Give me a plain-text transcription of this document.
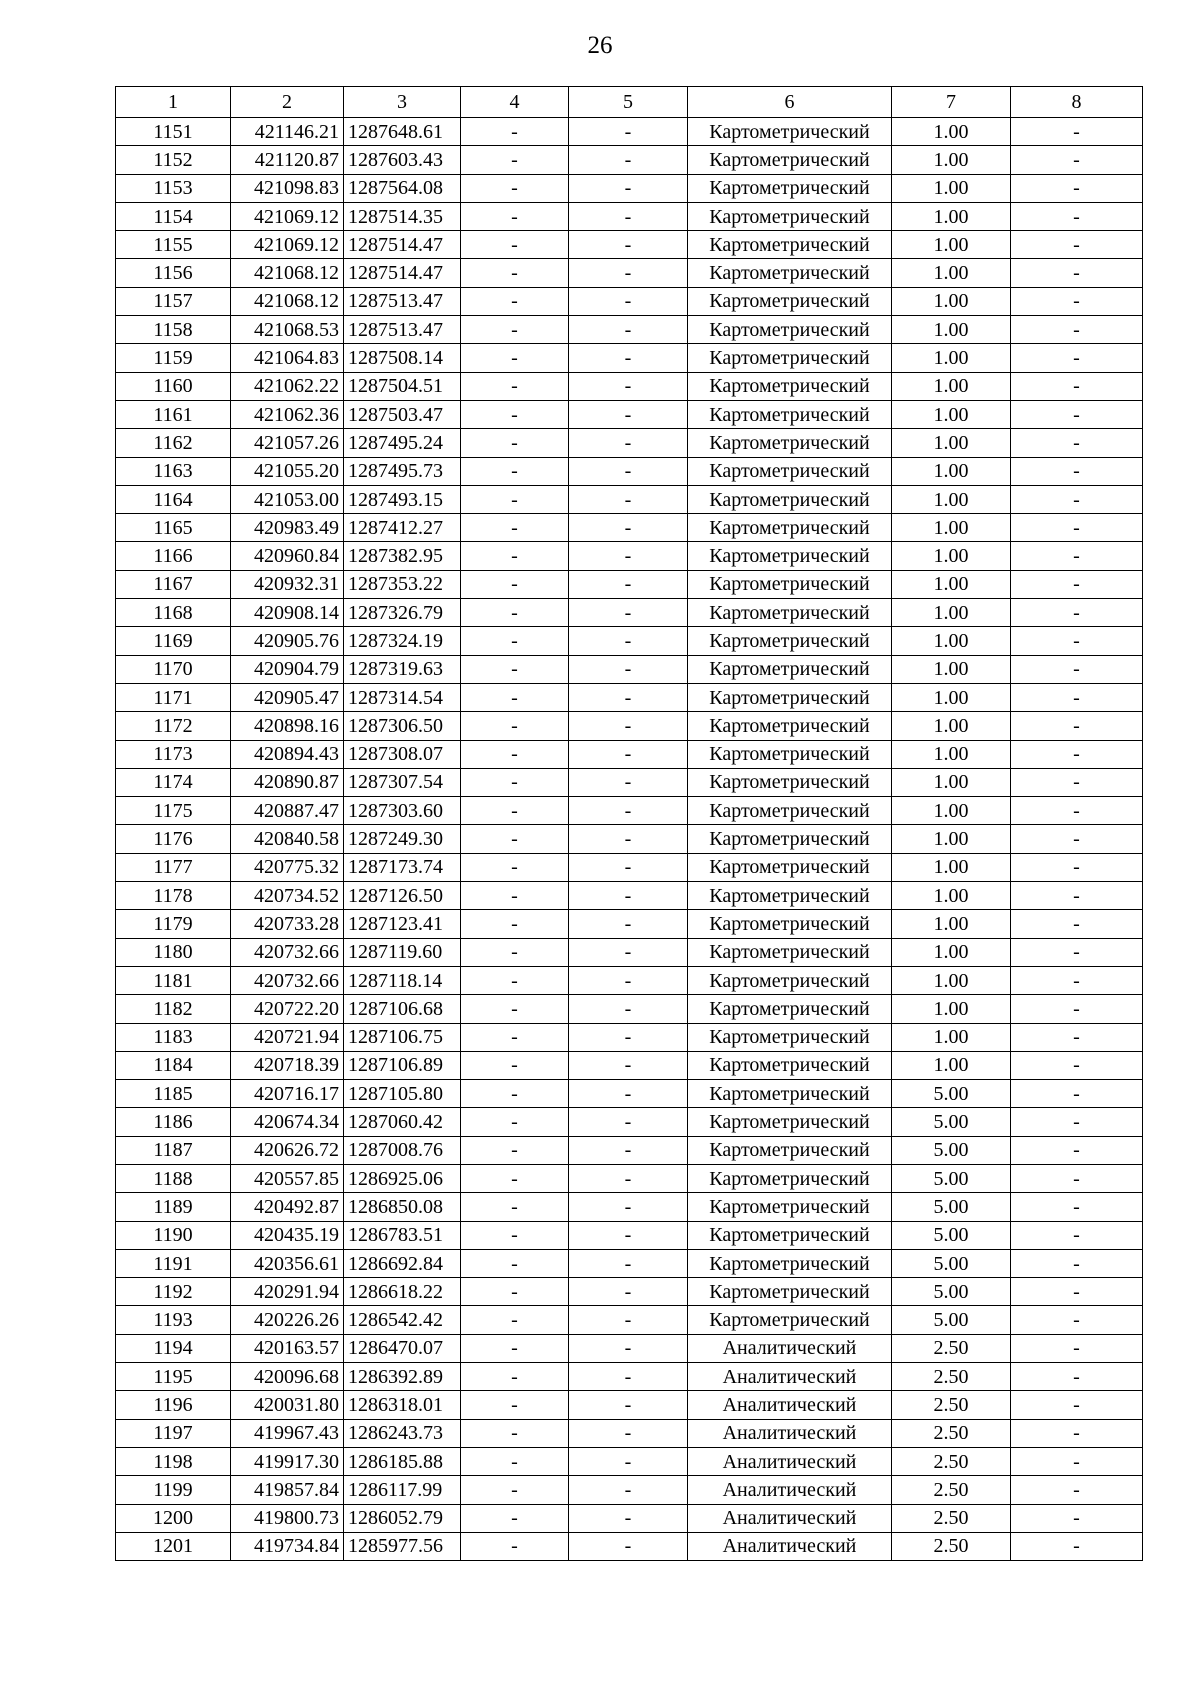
26
1	2	3	4	5	6	7	8
1151	421146.21	1287648.61	-	-	Картометрический	1.00	-
1152	421120.87	1287603.43	-	-	Картометрический	1.00	-
1153	421098.83	1287564.08	-	-	Картометрический	1.00	-
1154	421069.12	1287514.35	-	-	Картометрический	1.00	-
1155	421069.12	1287514.47	-	-	Картометрический	1.00	-
1156	421068.12	1287514.47	-	-	Картометрический	1.00	-
1157	421068.12	1287513.47	-	-	Картометрический	1.00	-
1158	421068.53	1287513.47	-	-	Картометрический	1.00	-
1159	421064.83	1287508.14	-	-	Картометрический	1.00	-
1160	421062.22	1287504.51	-	-	Картометрический	1.00	-
1161	421062.36	1287503.47	-	-	Картометрический	1.00	-
1162	421057.26	1287495.24	-	-	Картометрический	1.00	-
1163	421055.20	1287495.73	-	-	Картометрический	1.00	-
1164	421053.00	1287493.15	-	-	Картометрический	1.00	-
1165	420983.49	1287412.27	-	-	Картометрический	1.00	-
1166	420960.84	1287382.95	-	-	Картометрический	1.00	-
1167	420932.31	1287353.22	-	-	Картометрический	1.00	-
1168	420908.14	1287326.79	-	-	Картометрический	1.00	-
1169	420905.76	1287324.19	-	-	Картометрический	1.00	-
1170	420904.79	1287319.63	-	-	Картометрический	1.00	-
1171	420905.47	1287314.54	-	-	Картометрический	1.00	-
1172	420898.16	1287306.50	-	-	Картометрический	1.00	-
1173	420894.43	1287308.07	-	-	Картометрический	1.00	-
1174	420890.87	1287307.54	-	-	Картометрический	1.00	-
1175	420887.47	1287303.60	-	-	Картометрический	1.00	-
1176	420840.58	1287249.30	-	-	Картометрический	1.00	-
1177	420775.32	1287173.74	-	-	Картометрический	1.00	-
1178	420734.52	1287126.50	-	-	Картометрический	1.00	-
1179	420733.28	1287123.41	-	-	Картометрический	1.00	-
1180	420732.66	1287119.60	-	-	Картометрический	1.00	-
1181	420732.66	1287118.14	-	-	Картометрический	1.00	-
1182	420722.20	1287106.68	-	-	Картометрический	1.00	-
1183	420721.94	1287106.75	-	-	Картометрический	1.00	-
1184	420718.39	1287106.89	-	-	Картометрический	1.00	-
1185	420716.17	1287105.80	-	-	Картометрический	5.00	-
1186	420674.34	1287060.42	-	-	Картометрический	5.00	-
1187	420626.72	1287008.76	-	-	Картометрический	5.00	-
1188	420557.85	1286925.06	-	-	Картометрический	5.00	-
1189	420492.87	1286850.08	-	-	Картометрический	5.00	-
1190	420435.19	1286783.51	-	-	Картометрический	5.00	-
1191	420356.61	1286692.84	-	-	Картометрический	5.00	-
1192	420291.94	1286618.22	-	-	Картометрический	5.00	-
1193	420226.26	1286542.42	-	-	Картометрический	5.00	-
1194	420163.57	1286470.07	-	-	Аналитический	2.50	-
1195	420096.68	1286392.89	-	-	Аналитический	2.50	-
1196	420031.80	1286318.01	-	-	Аналитический	2.50	-
1197	419967.43	1286243.73	-	-	Аналитический	2.50	-
1198	419917.30	1286185.88	-	-	Аналитический	2.50	-
1199	419857.84	1286117.99	-	-	Аналитический	2.50	-
1200	419800.73	1286052.79	-	-	Аналитический	2.50	-
1201	419734.84	1285977.56	-	-	Аналитический	2.50	-
